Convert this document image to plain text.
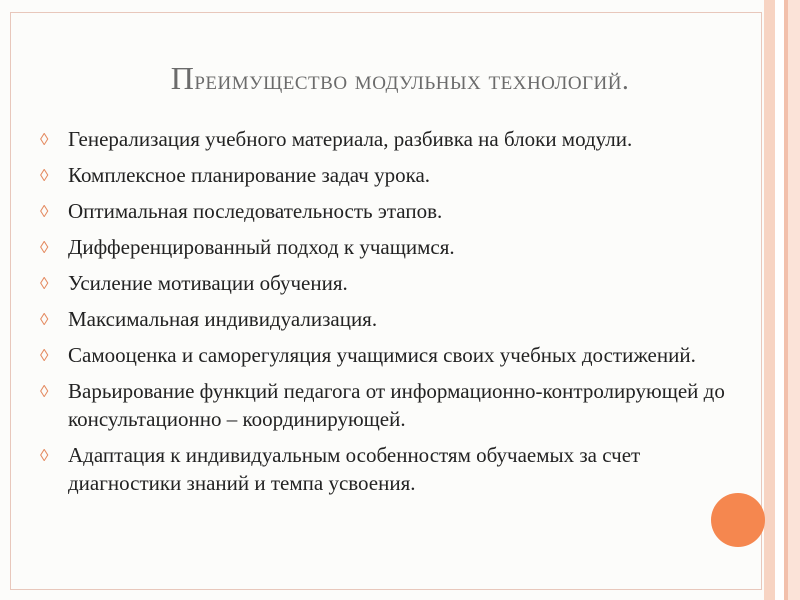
Преимущество модульных технологий.
◊ Генерализация учебного материала, разбивка на блоки модули.
◊ Комплексное планирование задач урока.
◊ Оптимальная последовательность этапов.
◊ Дифференцированный подход к учащимся.
◊ Усиление мотивации обучения.
◊ Максимальная индивидуализация.
◊ Самооценка и саморегуляция учащимися своих учебных достижений.
◊ Варьирование функций педагога от информационно-контролирующей до консультационно – координирующей.
◊ Адаптация к индивидуальным особенностям обучаемых за счет диагностики знаний и темпа усвоения.
